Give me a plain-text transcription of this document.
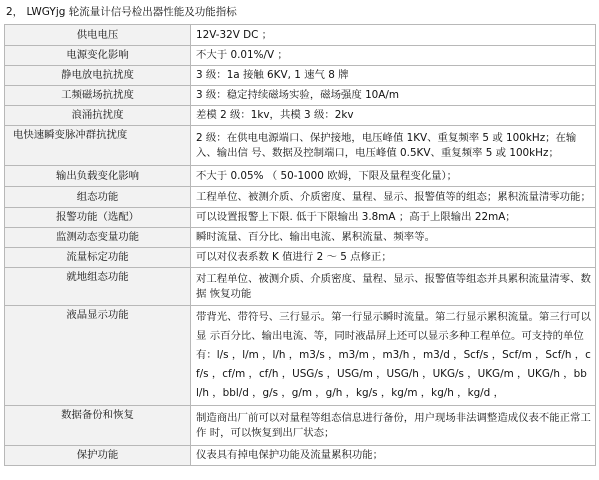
2， LWGYjg 轮流量计信号检出器性能及功能指标
供电电压	12V-32V DC ；
电源变化影响	不大于 0.01%/V ；
静电放电抗扰度	3 级：1a 接触 6KV, 1 速气 8 牌
工频磁场抗扰度	3 级：稳定持续磁场实验，磁场强度 10A/m
浪涌抗扰度	差模 2 级：1kv，共模 3 级：2kv
电快速瞬变脉冲群抗扰度	2 级：在供电电源端口、保护接地，电压峰值 1KV、重复频率 5 或 100kHz；在输入、输出信 号、数据及控制端口，电压峰值 0.5KV、重复频率 5 或 100kHz；
输出负载变化影响	不大于 0.05% （ 50-1000 欧姆，下限及量程变化量）；
组态功能	工程单位、被测介质、介质密度、量程、显示、报警值等的组态；累积流量清零功能；
报警功能（选配）	可以设置报警上下限. 低于下限输出 3.8mA ；高于上限输出 22mA；
监测动态变量功能	瞬时流量、百分比、输出电流、累积流量、频率等。
流量标定功能	可以对仪表系数 K 值进行 2 ～ 5 点修正；
就地组态功能	对工程单位、被测介质、介质密度、量程、显示、报警值等组态并具累积流量清零、数据 恢复功能
液晶显示功能	带背光、带符号、三行显示。第一行显示瞬时流量。第二行显示累积流量。第三行可以显 示百分比、输出电流、等，同时液晶屏上还可以显示多种工程单位。可支持的单位有：l/s ，l/m ，l/h ，m3/s ，m3/m ，m3/h ，m3/d ，Scf/s ，Scf/m ，Scf/h ，cf/s ，cf/m ，cf/h ，USG/s ，USG/m ，USG/h ，UKG/s ，UKG/m ，UKG/h ，bbl/h ，bbl/d ，g/s ，g/m ，g/h ，kg/s ，kg/m ，kg/h ，kg/d ，
数据备份和恢复	制造商出厂前可以对量程等组态信息进行备份，用户现场非法调整造成仪表不能正常工作 时，可以恢复到出厂状态；
保护功能	仪表具有掉电保护功能及流量累积功能；
